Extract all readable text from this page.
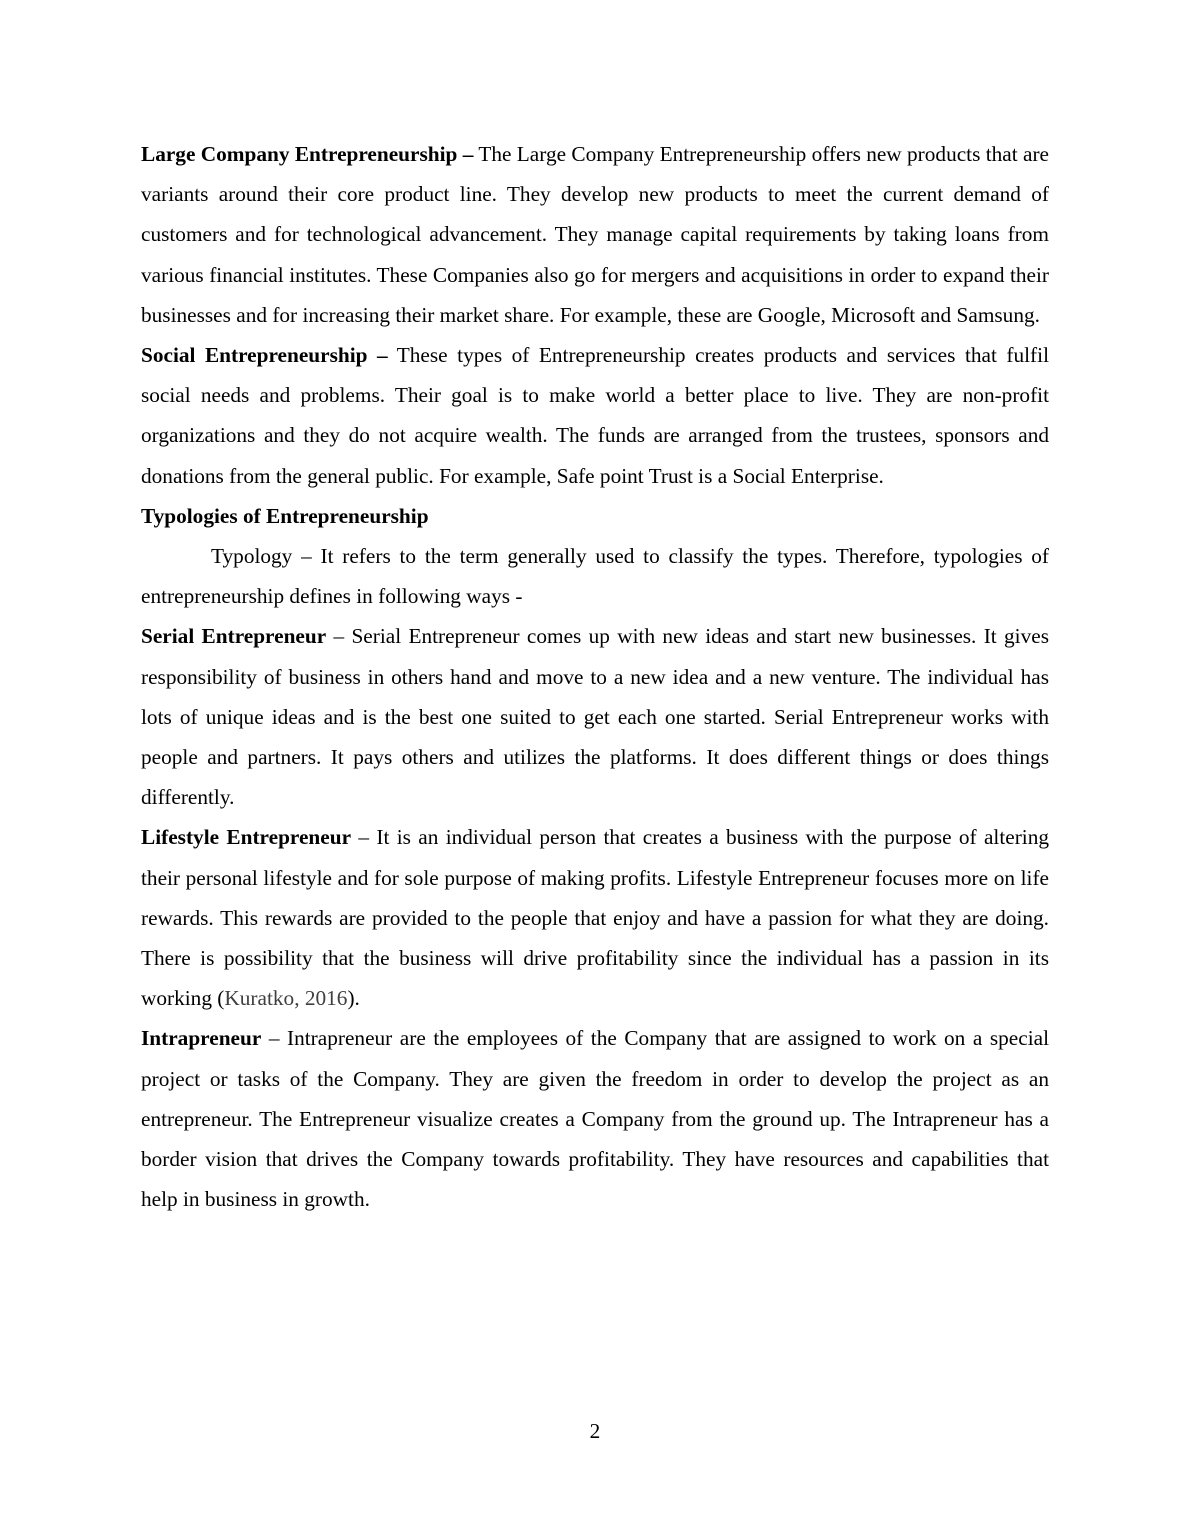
Large Company Entrepreneurship – The Large Company Entrepreneurship offers new products that are variants around their core product line. They develop new products to meet the current demand of customers and for technological advancement. They manage capital requirements by taking loans from various financial institutes. These Companies also go for mergers and acquisitions in order to expand their businesses and for increasing their market share. For example, these are Google, Microsoft and Samsung.

Social Entrepreneurship – These types of Entrepreneurship creates products and services that fulfil social needs and problems. Their goal is to make world a better place to live. They are non-profit organizations and they do not acquire wealth. The funds are arranged from the trustees, sponsors and donations from the general public. For example, Safe point Trust is a Social Enterprise.

Typologies of Entrepreneurship

Typology – It refers to the term generally used to classify the types. Therefore, typologies of entrepreneurship defines in following ways -

Serial Entrepreneur – Serial Entrepreneur comes up with new ideas and start new businesses. It gives responsibility of business in others hand and move to a new idea and a new venture. The individual has lots of unique ideas and is the best one suited to get each one started. Serial Entrepreneur works with people and partners. It pays others and utilizes the platforms. It does different things or does things differently.

Lifestyle Entrepreneur – It is an individual person that creates a business with the purpose of altering their personal lifestyle and for sole purpose of making profits. Lifestyle Entrepreneur focuses more on life rewards. This rewards are provided to the people that enjoy and have a passion for what they are doing. There is possibility that the business will drive profitability since the individual has a passion in its working (Kuratko, 2016).

Intrapreneur – Intrapreneur are the employees of the Company that are assigned to work on a special project or tasks of the Company. They are given the freedom in order to develop the project as an entrepreneur. The Entrepreneur visualize creates a Company from the ground up. The Intrapreneur has a border vision that drives the Company towards profitability. They have resources and capabilities that help in business in growth.

2
